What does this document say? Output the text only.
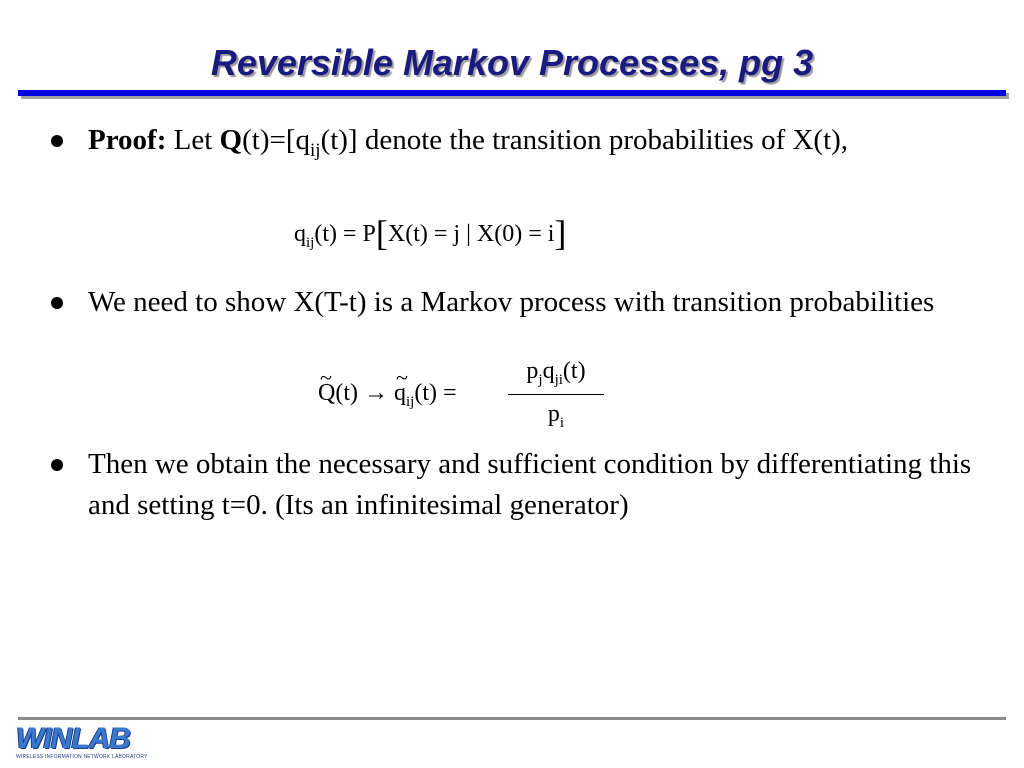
Reversible Markov Processes, pg 3
Proof: Let $Q(t)=[q_{ij}(t)]$ denote the transition probabilities of X(t),
$q_{ij}(t) = P[X(t) = j$ | X(0) = i]
We need to show X(T-t) is a Markov process with transition probabilities
~ Q(t) → ~ $q_{ij}(t)$ =
$p_jq_{ji}(t)$
$p_i$
Then we obtain the necessary and sufficient condition by differentiating this and setting t=0. (Its an infinitesimal generator)
WINLAB
WIRELESS INFORMATION NETWORK LABORATORY
